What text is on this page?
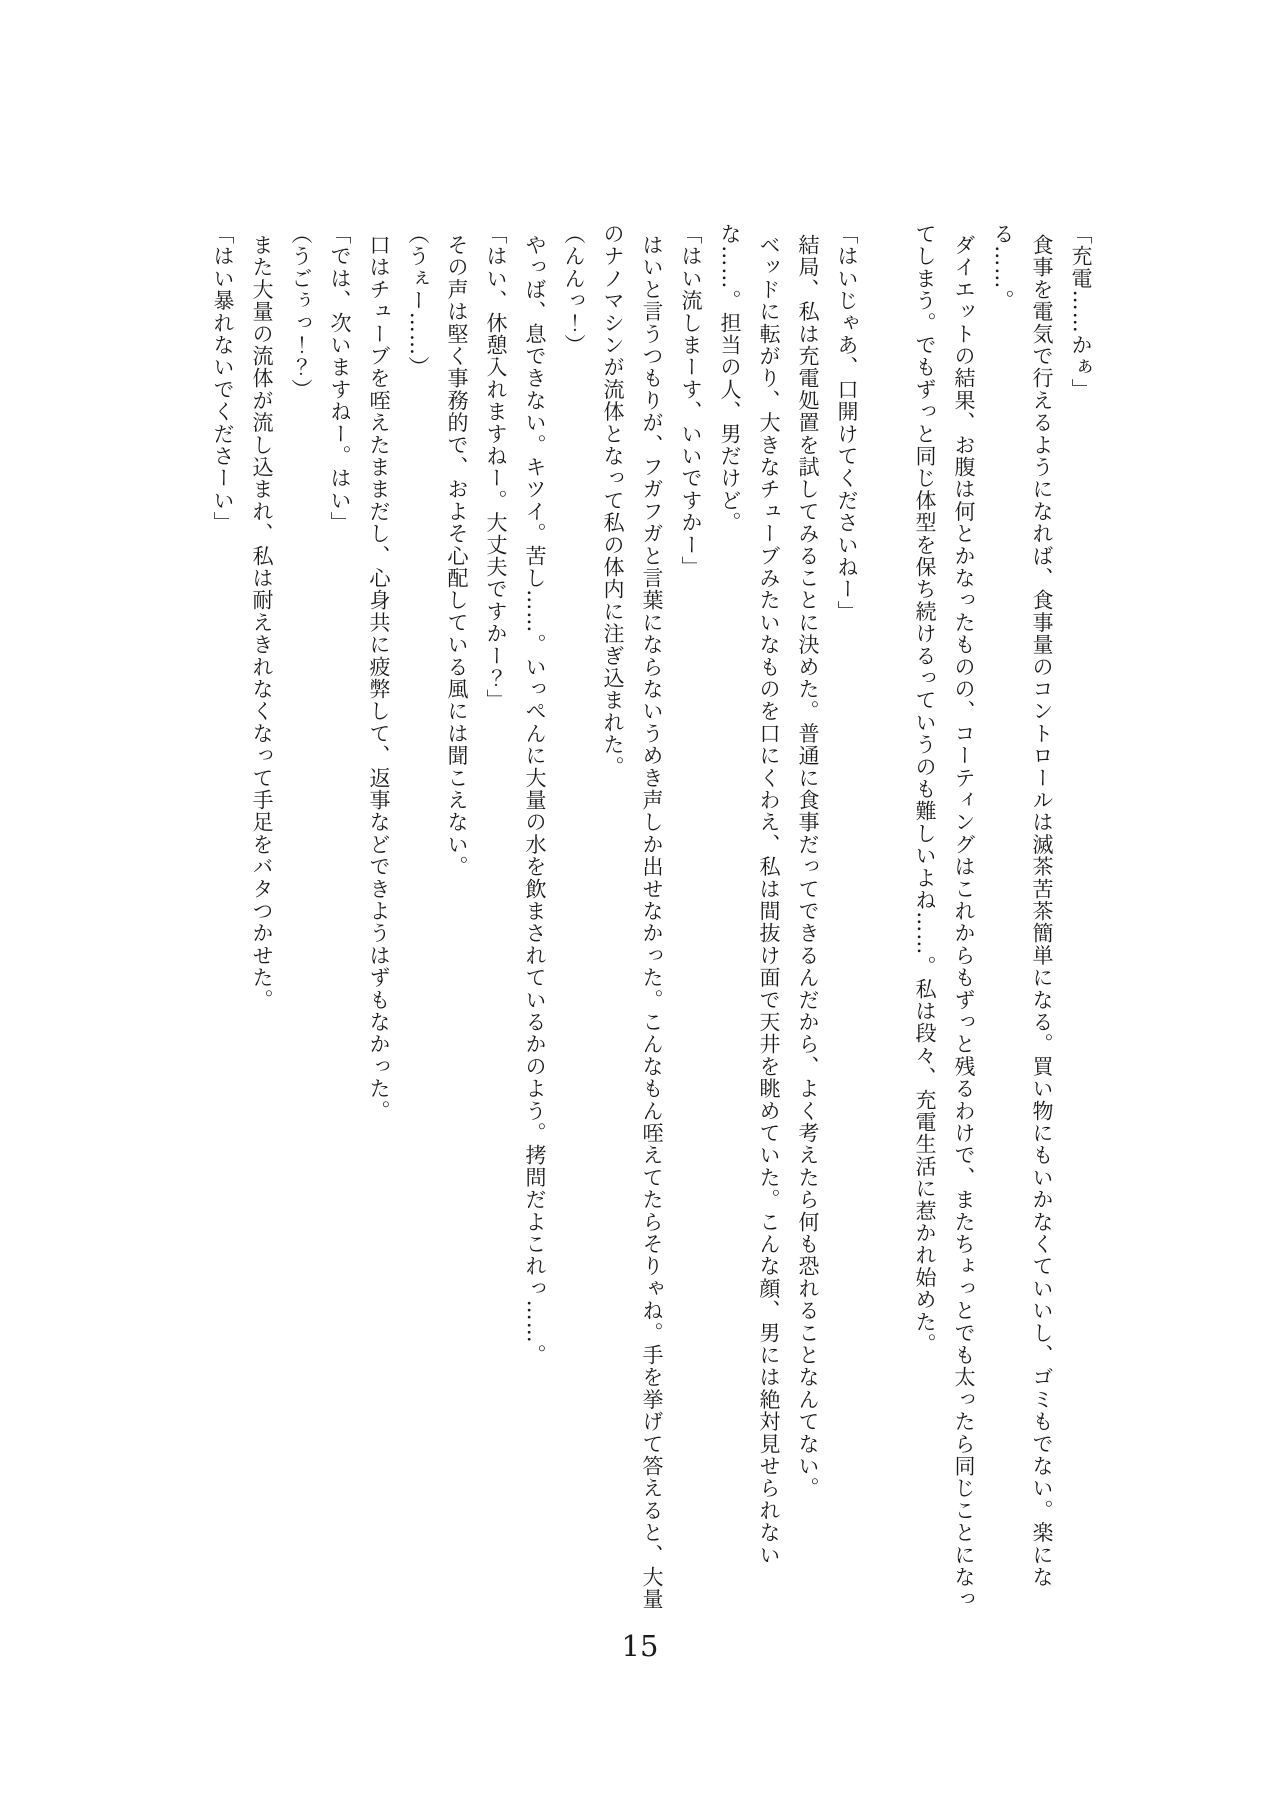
「充電……かぁ」

食事を電気で行えるようになれば、食事量のコントロールは滅茶苦茶簡単になる。買い物にもいかなくていいし、ゴミもでない。楽になる……。

ダイエットの結果、お腹は何とかなったものの、コーティングはこれからもずっと残るわけで、またちょっとでも太ったら同じことになってしまう。でもずっと同じ体型を保ち続けるっていうのも難しいよね……。私は段々、充電生活に惹かれ始めた。

「はいじゃあ、口開けてくださいねー」

結局、私は充電処置を試してみることに決めた。普通に食事だってできるんだから、よく考えたら何も恐れることなんてない。

ベッドに転がり、大きなチューブみたいなものを口にくわえ、私は間抜け面で天井を眺めていた。こんな顔、男には絶対見せられないな……。担当の人、男だけど。

「はい流しまーす、いいですかー」

はいと言うつもりが、フガフガと言葉にならないうめき声しか出せなかった。こんなもん咥えてたらそりゃね。手を挙げて答えると、大量のナノマシンが流体となって私の体内に注ぎ込まれた。

（んんっ！）

やっば、息できない。キツイ。苦し……。いっぺんに大量の水を飲まされているかのよう。拷問だよこれっ……。

「はい、休憩入れますねー。大丈夫ですかー？」

その声は堅く事務的で、およそ心配している風には聞こえない。

（うぇー……）

口はチューブを咥えたままだし、心身共に疲弊して、返事などできようはずもなかった。

「では、次いますねー。はい」

（うごぅっ！？）

また大量の流体が流し込まれ、私は耐えきれなくなって手足をバタつかせた。

「はい暴れないでくださーい」

15
